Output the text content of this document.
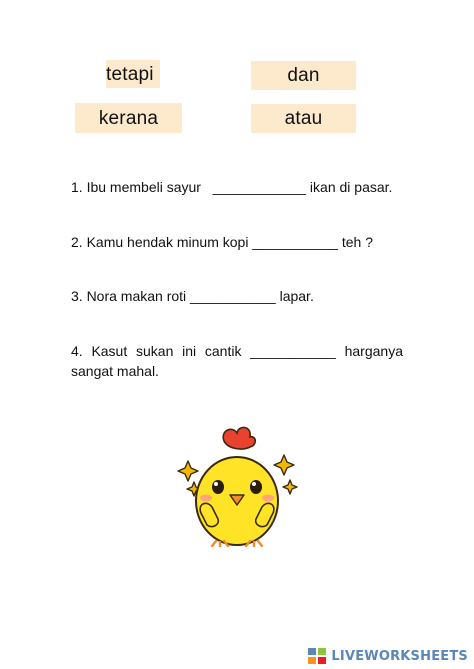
tetapi	dan
kerana	atau
1. Ibu membeli sayur   ____________ ikan di pasar.
2. Kamu hendak minum kopi ___________ teh ?
3. Nora makan roti ___________ lapar.
4. Kasut sukan ini cantik ___________ harganya
sangat mahal.
LIVEWORKSHEETS
